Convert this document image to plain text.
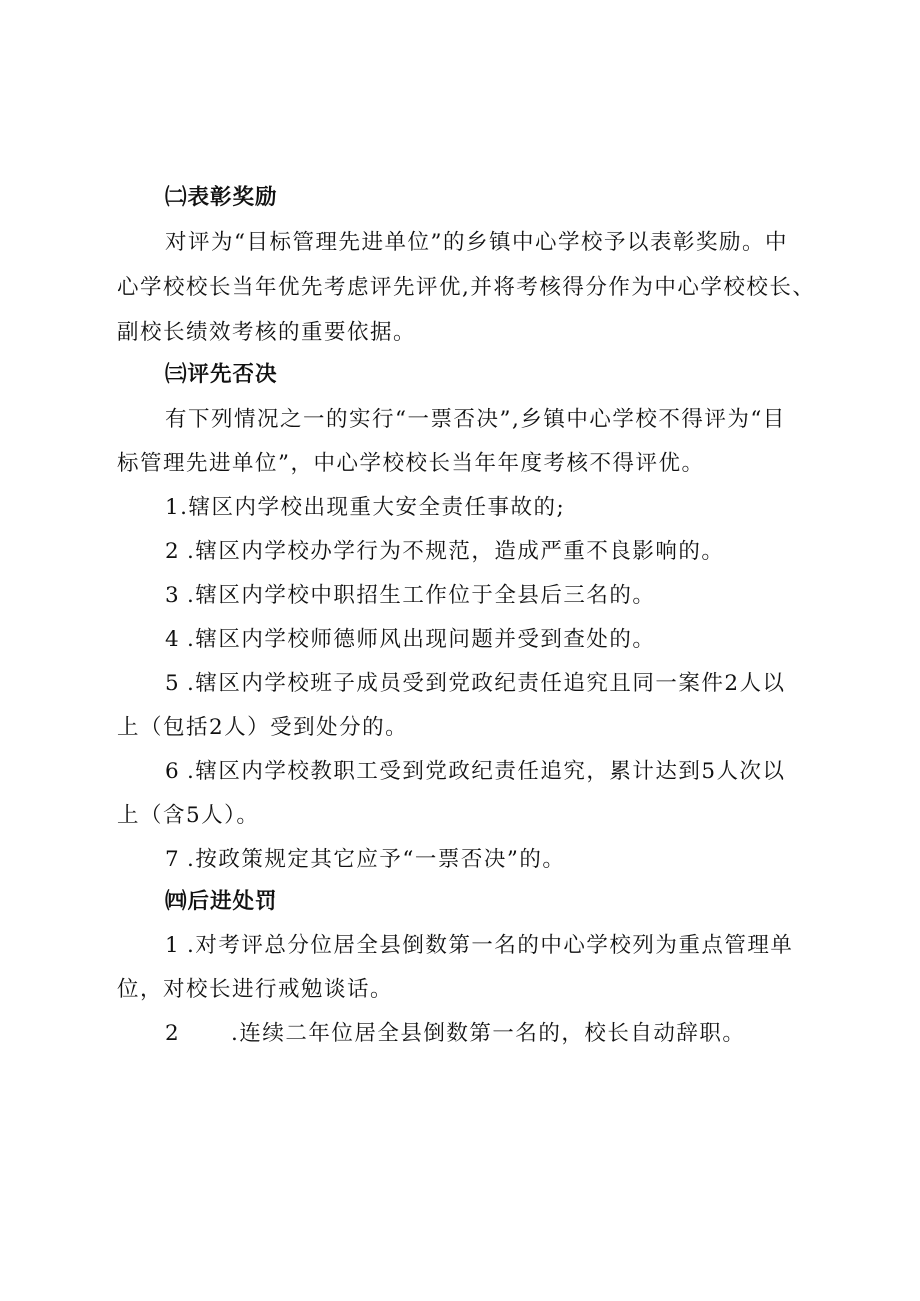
㈡表彰奖励
对评为“目标管理先进单位”的乡镇中心学校予以表彰奖励。中
心学校校长当年优先考虑评先评优,并将考核得分作为中心学校校长、
副校长绩效考核的重要依据。
㈢评先否决
有下列情况之一的实行“一票否决”,乡镇中心学校不得评为“目
标管理先进单位”，中心学校校长当年年度考核不得评优。
1.辖区内学校出现重大安全责任事故的;
2 .辖区内学校办学行为不规范，造成严重不良影响的。
3 .辖区内学校中职招生工作位于全县后三名的。
4 .辖区内学校师德师风出现问题并受到查处的。
5 .辖区内学校班子成员受到党政纪责任追究且同一案件2人以
上（包括2人）受到处分的。
6 .辖区内学校教职工受到党政纪责任追究，累计达到5人次以
上（含5人）。
7 .按政策规定其它应予“一票否决”的。
㈣后进处罚
1 .对考评总分位居全县倒数第一名的中心学校列为重点管理单
位，对校长进行戒勉谈话。
2 .连续二年位居全县倒数第一名的，校长自动辞职。
